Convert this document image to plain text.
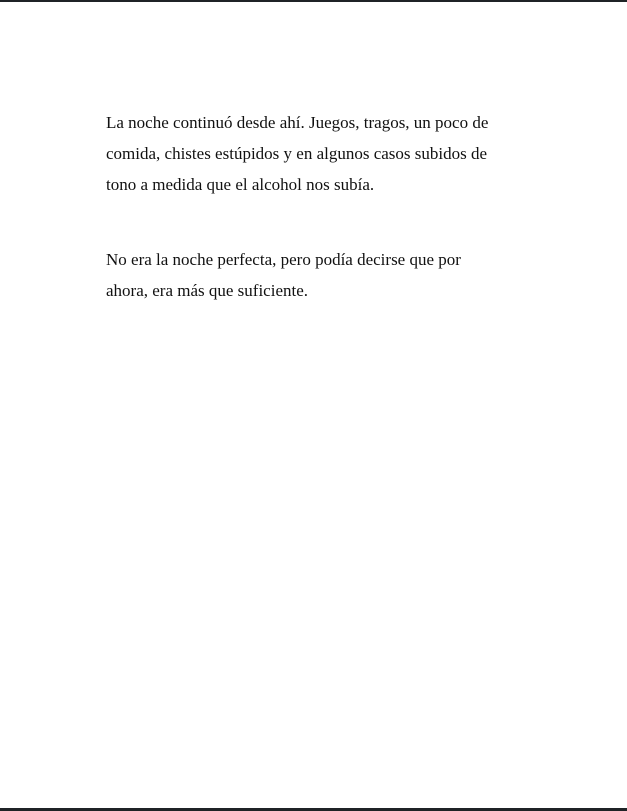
La noche continuó desde ahí. Juegos, tragos, un poco de
comida, chistes estúpidos y en algunos casos subidos de
tono a medida que el alcohol nos subía.

No era la noche perfecta, pero podía decirse que por
ahora, era más que suficiente.
